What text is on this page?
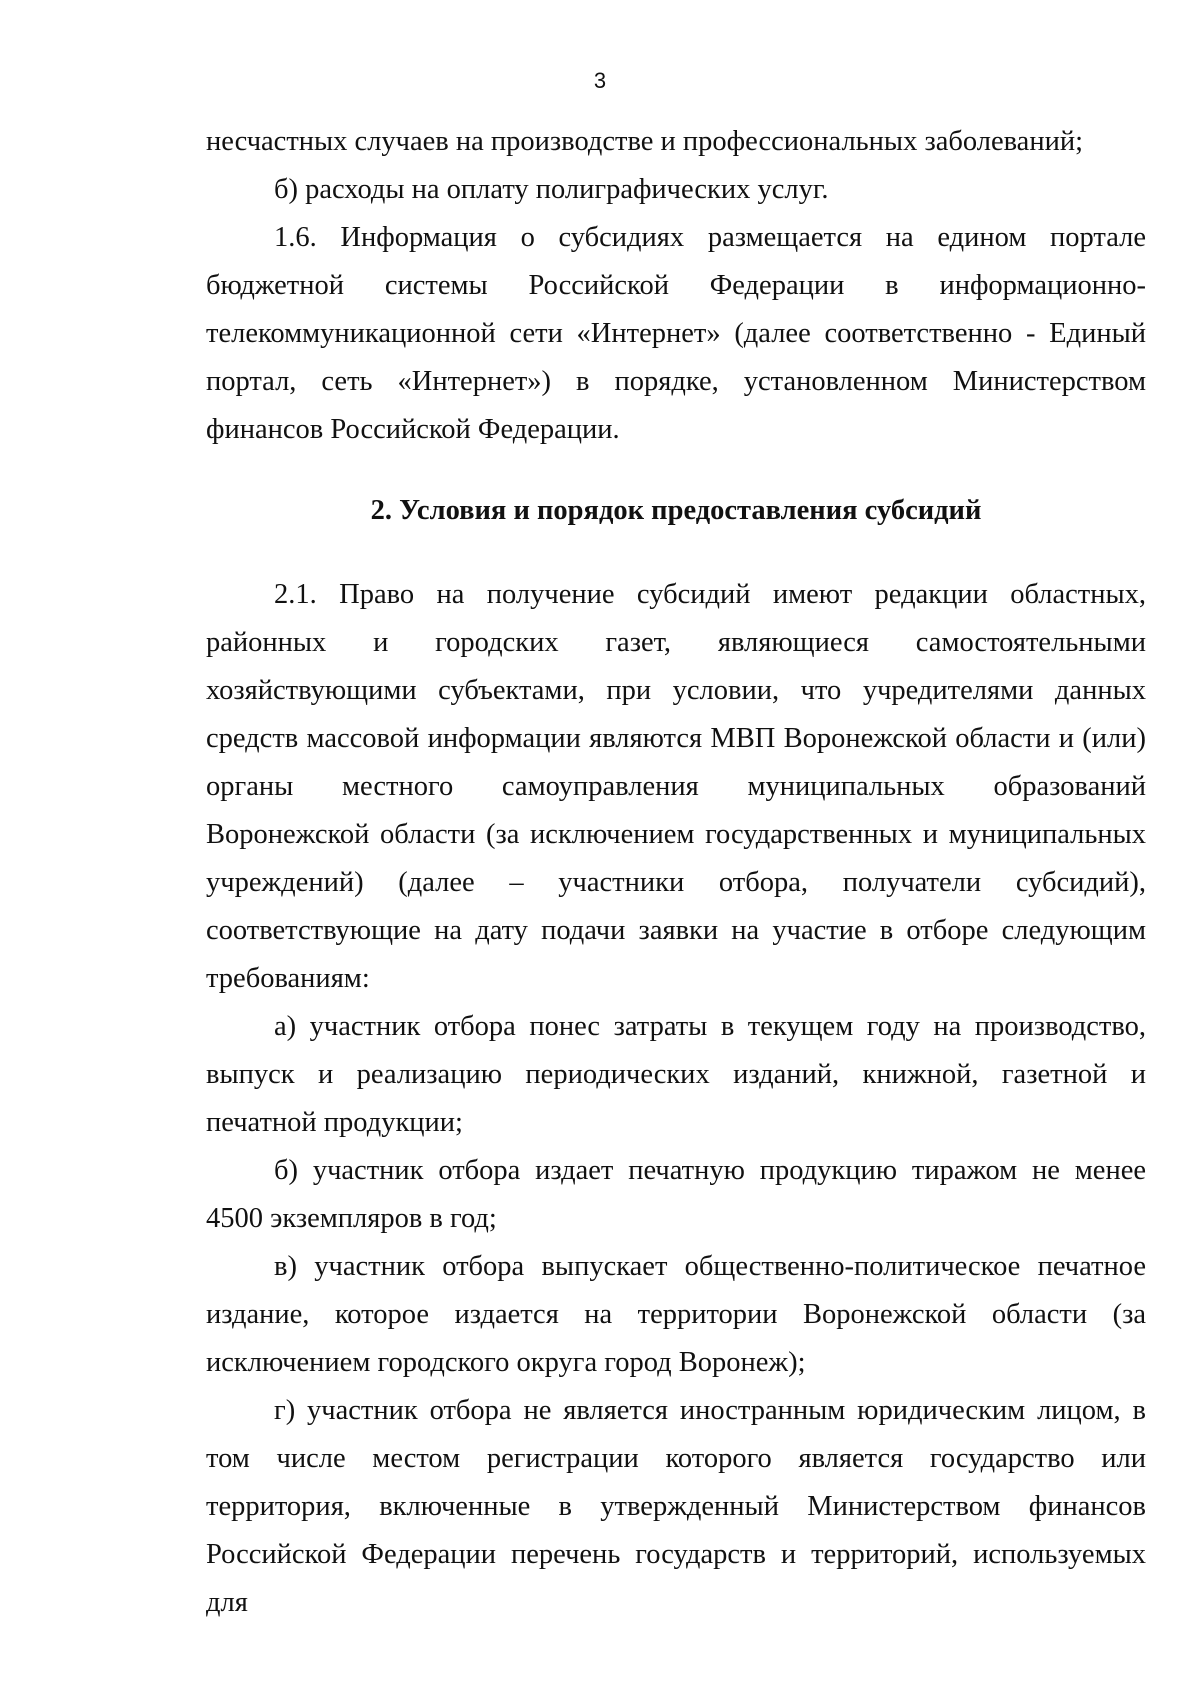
3

несчастных случаев на производстве и профессиональных заболеваний;

б) расходы на оплату полиграфических услуг.

1.6. Информация о субсидиях размещается на едином портале бюджетной системы Российской Федерации в информационно-телекоммуникационной сети «Интернет» (далее соответственно - Единый портал, сеть «Интернет») в порядке, установленном Министерством финансов Российской Федерации.

2. Условия и порядок предоставления субсидий

2.1. Право на получение субсидий имеют редакции областных, районных и городских газет, являющиеся самостоятельными хозяйствующими субъектами, при условии, что учредителями данных средств массовой информации являются МВП Воронежской области и (или) органы местного самоуправления муниципальных образований Воронежской области (за исключением государственных и муниципальных учреждений) (далее – участники отбора, получатели субсидий), соответствующие на дату подачи заявки на участие в отборе следующим требованиям:

а) участник отбора понес затраты в текущем году на производство, выпуск и реализацию периодических изданий, книжной, газетной и печатной продукции;

б) участник отбора издает печатную продукцию тиражом не менее 4500 экземпляров в год;

в) участник отбора выпускает общественно-политическое печатное издание, которое издается на территории Воронежской области (за исключением городского округа город Воронеж);

г) участник отбора не является иностранным юридическим лицом, в том числе местом регистрации которого является государство или территория, включенные в утвержденный Министерством финансов Российской Федерации перечень государств и территорий, используемых для
